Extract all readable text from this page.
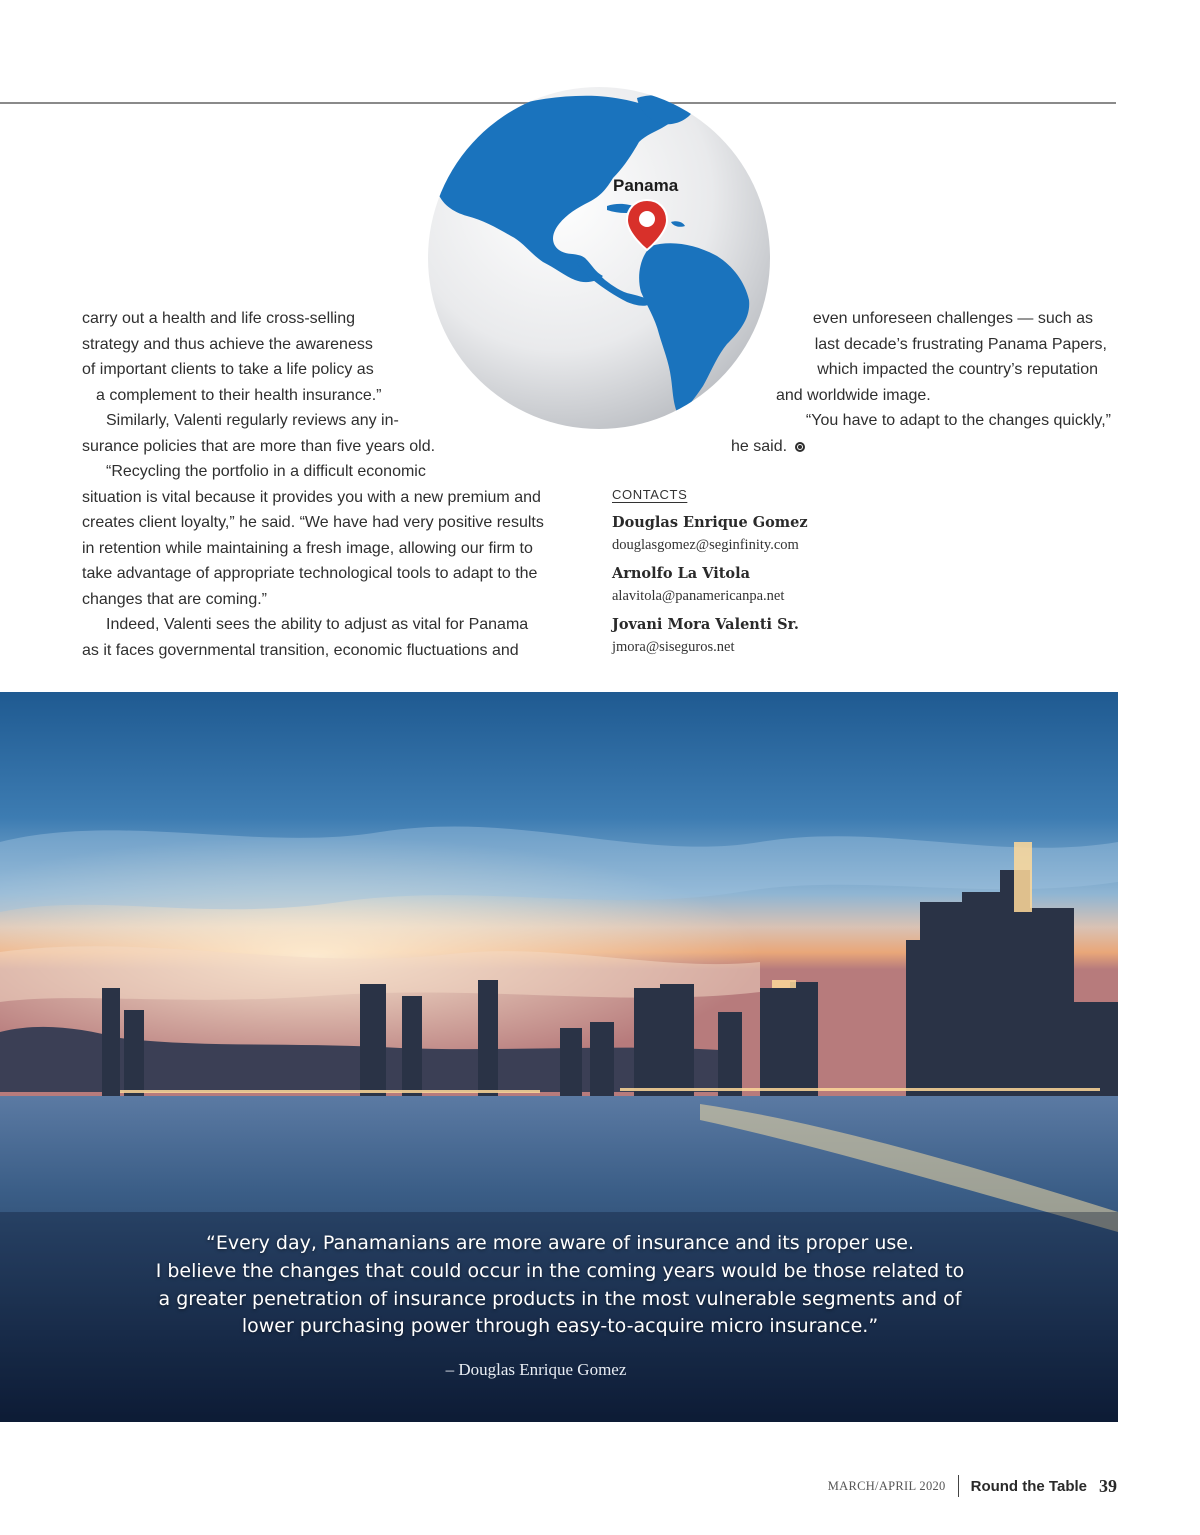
Panama
carry out a health and life cross-selling
strategy and thus achieve the awareness
of important clients to take a life policy as
a complement to their health insurance.”
Similarly, Valenti regularly reviews any in-
surance policies that are more than five years old.
“Recycling the portfolio in a difficult economic
situation is vital because it provides you with a new premium and
creates client loyalty,” he said. “We have had very positive results
in retention while maintaining a fresh image, allowing our firm to
take advantage of appropriate technological tools to adapt to the
changes that are coming.”
Indeed, Valenti sees the ability to adjust as vital for Panama
as it faces governmental transition, economic fluctuations and
even unforeseen challenges — such as
last decade’s frustrating Panama Papers,
which impacted the country’s reputation
and worldwide image.
“You have to adapt to the changes quickly,”
he said.
CONTACTS
Douglas Enrique Gomez
douglasgomez@seginfinity.com
Arnolfo La Vitola
alavitola@panamericanpa.net
Jovani Mora Valenti Sr.
jmora@siseguros.net
“Every day, Panamanians are more aware of insurance and its proper use.
I believe the changes that could occur in the coming years would be those related to
a greater penetration of insurance products in the most vulnerable segments and of
lower purchasing power through easy-to-acquire micro insurance.”
– Douglas Enrique Gomez
MARCH/APRIL 2020 Round the Table 39
